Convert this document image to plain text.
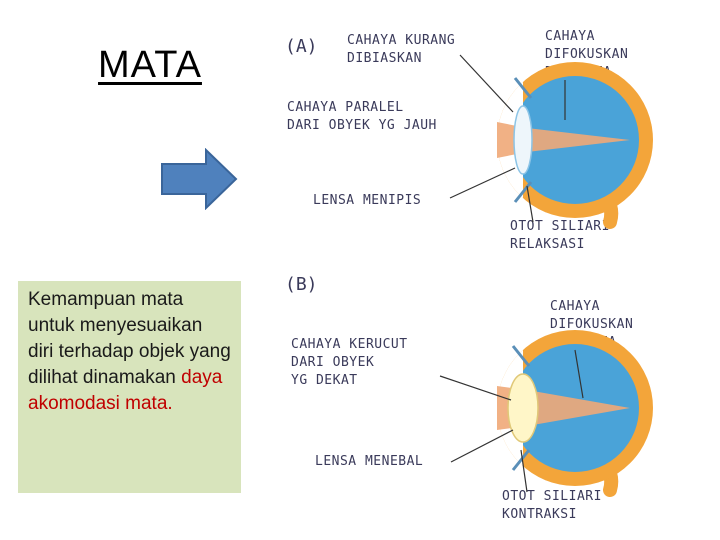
MATA
Kemampuan mata untuk menyesuaikan diri terhadap objek yang dilihat dinamakan daya akomodasi mata.
(A) CAHAYA KURANG
DIBIASKAN
CAHAYA
DIFOKUSKAN
CAHAYA PARALEL
DARI OBYEK YG JAUH
LENSA MENIPIS
OTOT SILIARI
RELAKSASI
(B)
CAHAYA
DIFOKUSKAN
CAHAYA KERUCUT
DARI OBYEK
YG DEKAT
LENSA MENEBAL
OTOT SILIARI
KONTRAKSI
